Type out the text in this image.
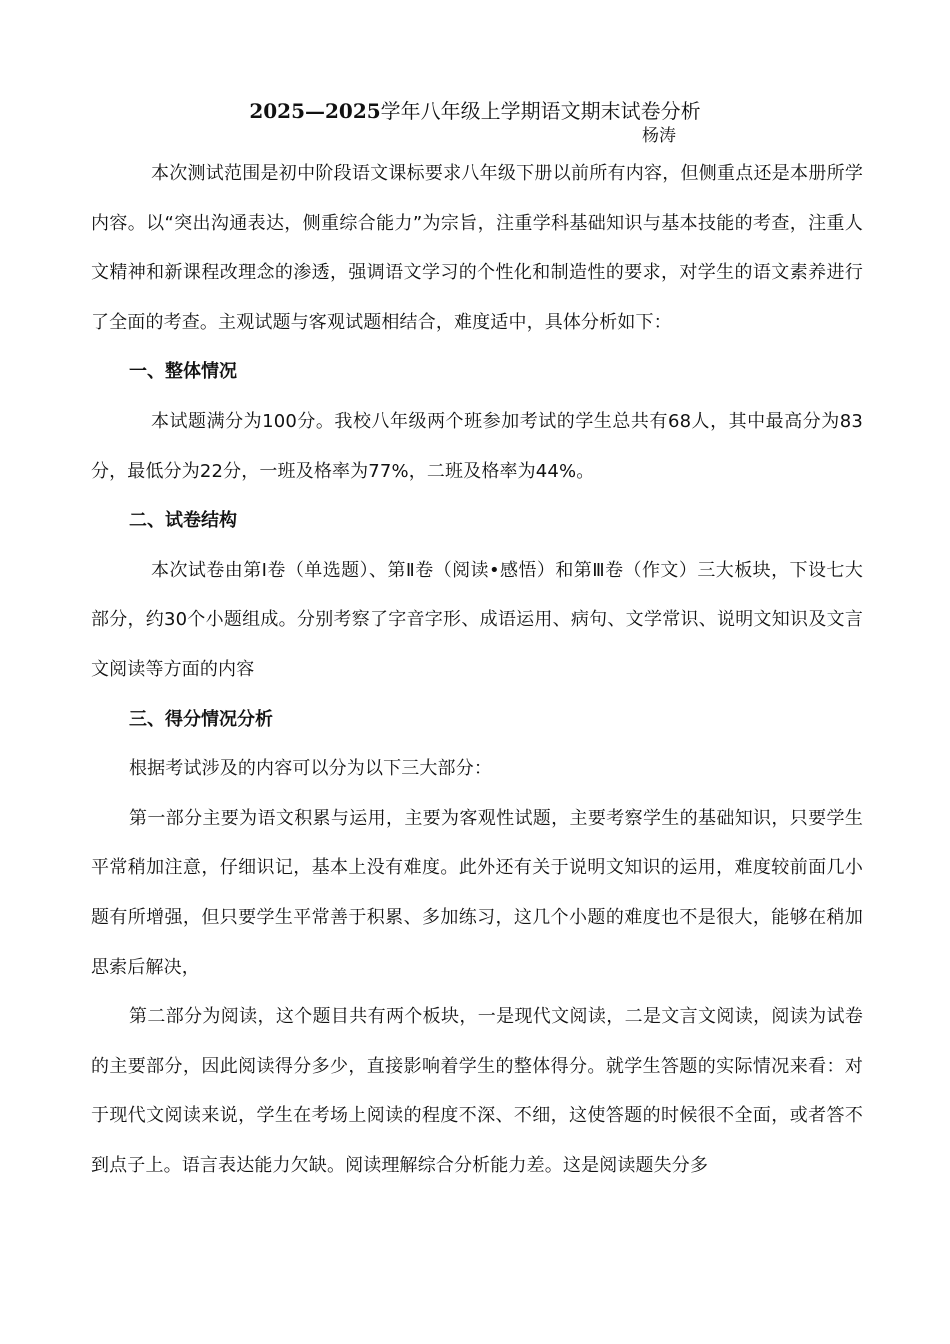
2025—2025学年八年级上学期语文期末试卷分析
杨涛

本次测试范围是初中阶段语文课标要求八年级下册以前所有内容，但侧重点还是本册所学内容。以“突出沟通表达，侧重综合能力”为宗旨，注重学科基础知识与基本技能的考查，注重人文精神和新课程改理念的渗透，强调语文学习的个性化和制造性的要求，对学生的语文素养进行了全面的考查。主观试题与客观试题相结合，难度适中，具体分析如下：

一、整体情况

本试题满分为100分。我校八年级两个班参加考试的学生总共有68人，其中最高分为83分，最低分为22分，一班及格率为77%，二班及格率为44%。

二、试卷结构

本次试卷由第Ⅰ卷（单选题）、第Ⅱ卷（阅读•感悟）和第Ⅲ卷（作文）三大板块，下设七大部分，约30个小题组成。分别考察了字音字形、成语运用、病句、文学常识、说明文知识及文言文阅读等方面的内容

三、得分情况分析

根据考试涉及的内容可以分为以下三大部分：

第一部分主要为语文积累与运用，主要为客观性试题，主要考察学生的基础知识，只要学生平常稍加注意，仔细识记，基本上没有难度。此外还有关于说明文知识的运用，难度较前面几小题有所增强，但只要学生平常善于积累、多加练习，这几个小题的难度也不是很大，能够在稍加思索后解决，

第二部分为阅读，这个题目共有两个板块，一是现代文阅读，二是文言文阅读，阅读为试卷的主要部分，因此阅读得分多少，直接影响着学生的整体得分。就学生答题的实际情况来看：对于现代文阅读来说，学生在考场上阅读的程度不深、不细，这使答题的时候很不全面，或者答不到点子上。语言表达能力欠缺。阅读理解综合分析能力差。这是阅读题失分多
